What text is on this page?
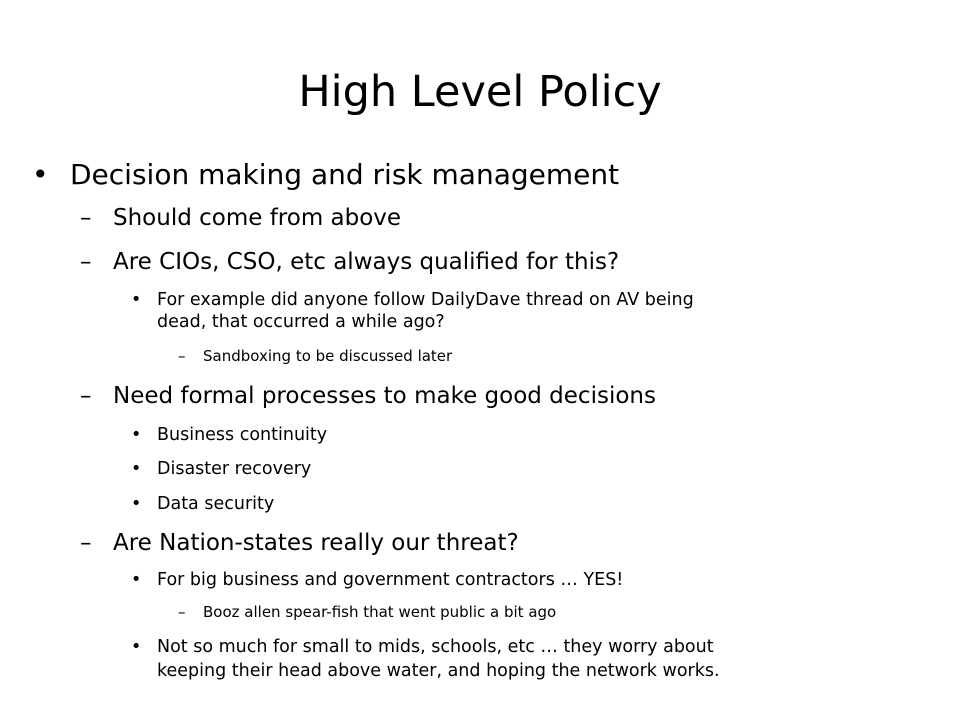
High Level Policy
• Decision making and risk management
– Should come from above
– Are CIOs, CSO, etc always qualified for this?
• For example did anyone follow DailyDave thread on AV being
dead, that occurred a while ago?
– Sandboxing to be discussed later
– Need formal processes to make good decisions
• Business continuity
• Disaster recovery
• Data security
– Are Nation-states really our threat?
• For big business and government contractors … YES!
– Booz allen spear-fish that went public a bit ago
• Not so much for small to mids, schools, etc … they worry about
keeping their head above water, and hoping the network works.
